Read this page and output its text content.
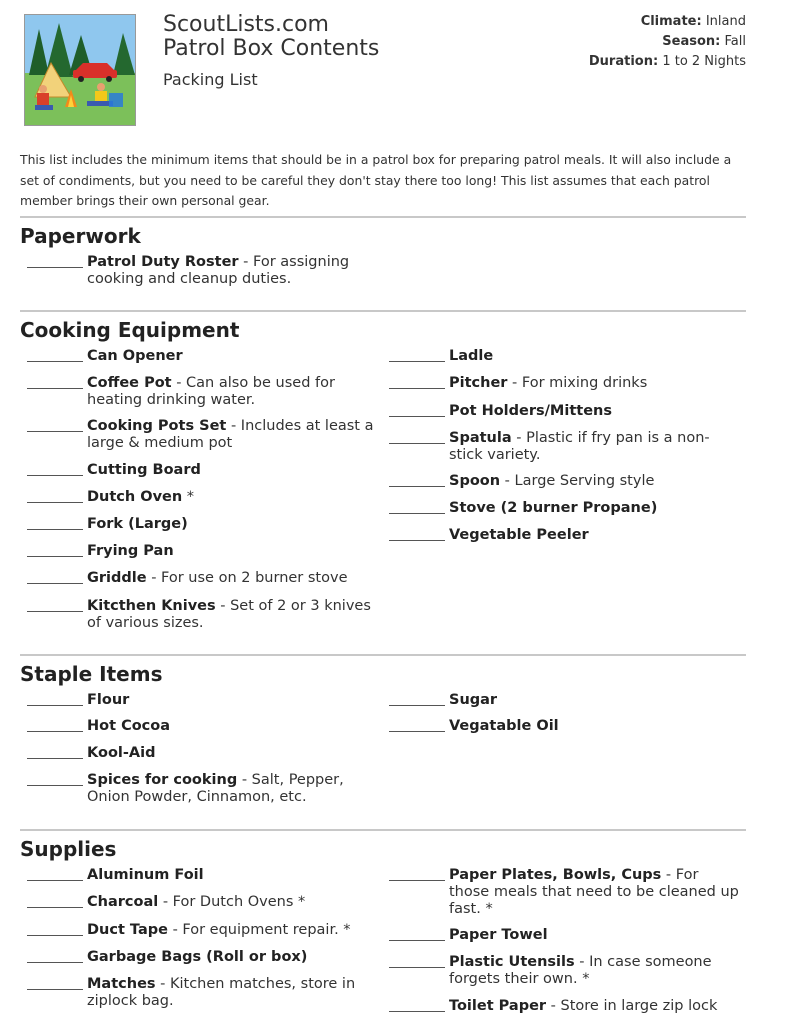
ScoutLists.com
Patrol Box Contents
Packing List
Climate: Inland
Season: Fall
Duration: 1 to 2 Nights
This list includes the minimum items that should be in a patrol box for preparing patrol meals. It will also include a
set of condiments, but you need to be careful they don't stay there too long! This list assumes that each patrol
member brings their own personal gear.
Paperwork
Patrol Duty Roster - For assigning cooking and cleanup duties.
Cooking Equipment
Can Opener
Coffee Pot - Can also be used for heating drinking water.
Cooking Pots Set - Includes at least a large & medium pot
Cutting Board
Dutch Oven *
Fork (Large)
Frying Pan
Griddle - For use on 2 burner stove
Kitcthen Knives - Set of 2 or 3 knives of various sizes.
Ladle
Pitcher - For mixing drinks
Pot Holders/Mittens
Spatula - Plastic if fry pan is a non-stick variety.
Spoon - Large Serving style
Stove (2 burner Propane)
Vegetable Peeler
Staple Items
Flour
Hot Cocoa
Kool-Aid
Spices for cooking - Salt, Pepper, Onion Powder, Cinnamon, etc.
Sugar
Vegatable Oil
Supplies
Aluminum Foil
Charcoal - For Dutch Ovens *
Duct Tape - For equipment repair. *
Garbage Bags (Roll or box)
Matches - Kitchen matches, store in ziplock bag.
Paper Plates, Bowls, Cups - For those meals that need to be cleaned up fast. *
Paper Towel
Plastic Utensils - In case someone forgets their own. *
Toilet Paper - Store in large zip lock
